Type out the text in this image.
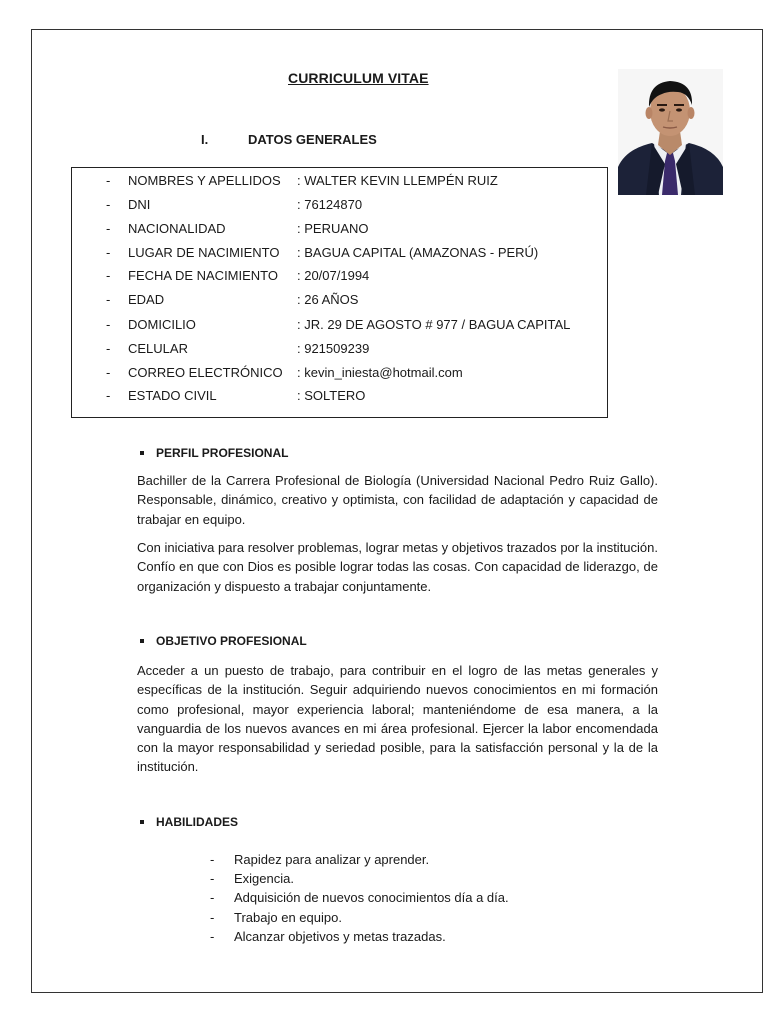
CURRICULUM VITAE
I.	DATOS GENERALES
- NOMBRES Y APELLIDOS : WALTER KEVIN LLEMPÉN RUIZ
- DNI	: 76124870
- NACIONALIDAD	: PERUANO
- LUGAR DE NACIMIENTO : BAGUA CAPITAL (AMAZONAS - PERÚ)
- FECHA DE NACIMIENTO : 20/07/1994
- EDAD	: 26 AÑOS
- DOMICILIO	: JR. 29 DE AGOSTO # 977 / BAGUA CAPITAL
- CELULAR	: 921509239
- CORREO ELECTRÓNICO : kevin_iniesta@hotmail.com
- ESTADO CIVIL	: SOLTERO
PERFIL PROFESIONAL

Bachiller de la Carrera Profesional de Biología (Universidad Nacional Pedro Ruiz Gallo). Responsable, dinámico, creativo y optimista, con facilidad de adaptación y capacidad de trabajar en equipo.

Con iniciativa para resolver problemas, lograr metas y objetivos trazados por la institución. Confío en que con Dios es posible lograr todas las cosas. Con capacidad de liderazgo, de organización y dispuesto a trabajar conjuntamente.

OBJETIVO PROFESIONAL

Acceder a un puesto de trabajo, para contribuir en el logro de las metas generales y específicas de la institución. Seguir adquiriendo nuevos conocimientos en mi formación como profesional, mayor experiencia laboral; manteniéndome de esa manera, a la vanguardia de los nuevos avances en mi área profesional. Ejercer la labor encomendada con la mayor responsabilidad y seriedad posible, para la satisfacción personal y la de la institución.

HABILIDADES
- Rapidez para analizar y aprender.
- Exigencia.
- Adquisición de nuevos conocimientos día a día.
- Trabajo en equipo.
- Alcanzar objetivos y metas trazadas.
